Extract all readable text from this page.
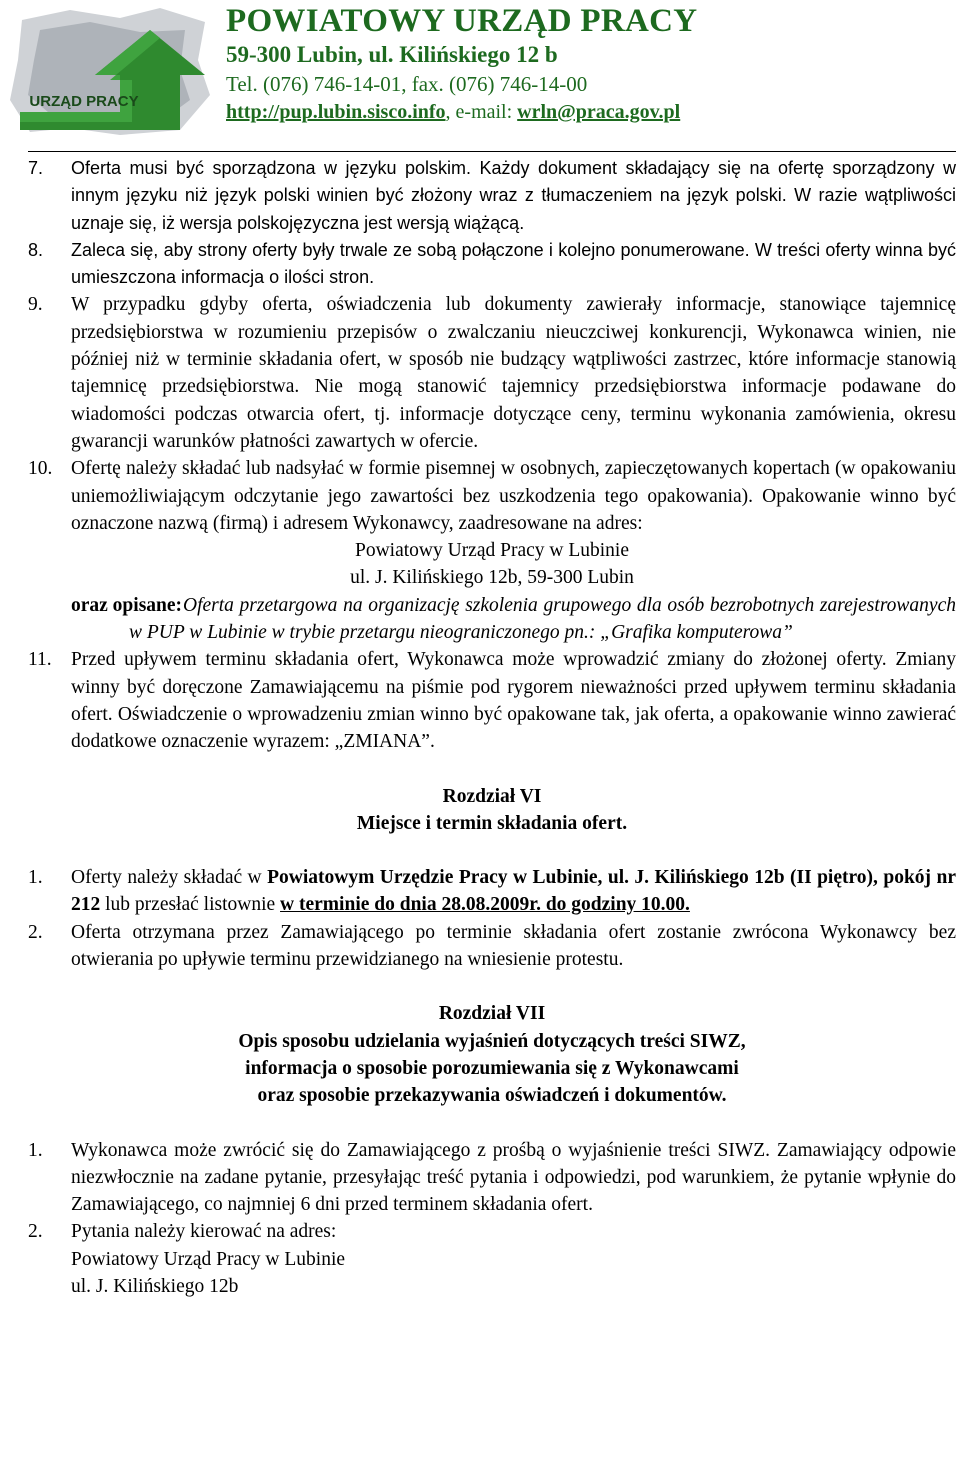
URZĄD PRACY
POWIATOWY URZĄD PRACY
59-300 Lubin, ul. Kilińskiego 12 b
Tel. (076) 746-14-01, fax. (076) 746-14-00
http://pup.lubin.sisco.info, e-mail: wrln@praca.gov.pl
7.	Oferta musi być sporządzona w języku polskim. Każdy dokument składający się na ofertę sporządzony w innym języku niż język polski winien być złożony wraz z tłumaczeniem na język polski. W razie wątpliwości uznaje się, iż wersja polskojęzyczna jest wersją wiążącą.
8.	Zaleca się, aby strony oferty były trwale ze sobą połączone i kolejno ponumerowane. W treści oferty winna być umieszczona informacja o ilości stron.
9.	W przypadku gdyby oferta, oświadczenia lub dokumenty zawierały informacje, stanowiące tajemnicę przedsiębiorstwa w rozumieniu przepisów o zwalczaniu nieuczciwej konkurencji, Wykonawca winien, nie później niż w terminie składania ofert, w sposób nie budzący wątpliwości zastrzec, które informacje stanowią tajemnicę przedsiębiorstwa. Nie mogą stanowić tajemnicy przedsiębiorstwa informacje podawane do wiadomości podczas otwarcia ofert, tj. informacje dotyczące ceny, terminu wykonania zamówienia, okresu gwarancji warunków płatności zawartych w ofercie.
10. Ofertę należy składać lub nadsyłać w formie pisemnej w osobnych, zapieczętowanych kopertach (w opakowaniu uniemożliwiającym odczytanie jego zawartości bez uszkodzenia tego opakowania). Opakowanie winno być oznaczone nazwą (firmą) i adresem Wykonawcy, zaadresowane na adres:
Powiatowy Urząd Pracy w Lubinie
ul. J. Kilińskiego 12b, 59-300 Lubin
oraz opisane: Oferta przetargowa na organizację szkolenia grupowego dla osób bezrobotnych zarejestrowanych w PUP w Lubinie w trybie przetargu nieograniczonego pn.: „Grafika komputerowa”
11. Przed upływem terminu składania ofert, Wykonawca może wprowadzić zmiany do złożonej oferty. Zmiany winny być doręczone Zamawiającemu na piśmie pod rygorem nieważności przed upływem terminu składania ofert. Oświadczenie o wprowadzeniu zmian winno być opakowane tak, jak oferta, a opakowanie winno zawierać dodatkowe oznaczenie wyrazem: „ZMIANA”.
Rozdział VI
Miejsce i termin składania ofert.
1.	Oferty należy składać w Powiatowym Urzędzie Pracy w Lubinie, ul. J. Kilińskiego 12b (II piętro), pokój nr 212 lub przesłać listownie w terminie do dnia 28.08.2009r. do godziny 10.00.
2.	Oferta otrzymana przez Zamawiającego po terminie składania ofert zostanie zwrócona Wykonawcy bez otwierania po upływie terminu przewidzianego na wniesienie protestu.
Rozdział VII
Opis sposobu udzielania wyjaśnień dotyczących treści SIWZ,
informacja o sposobie porozumiewania się z Wykonawcami
oraz sposobie przekazywania oświadczeń i dokumentów.
1.	Wykonawca może zwrócić się do Zamawiającego z prośbą o wyjaśnienie treści SIWZ. Zamawiający odpowie niezwłocznie na zadane pytanie, przesyłając treść pytania i odpowiedzi, pod warunkiem, że pytanie wpłynie do Zamawiającego, co najmniej 6 dni przed terminem składania ofert.
2.	Pytania należy kierować na adres:
Powiatowy Urząd Pracy w Lubinie
ul. J. Kilińskiego 12b
